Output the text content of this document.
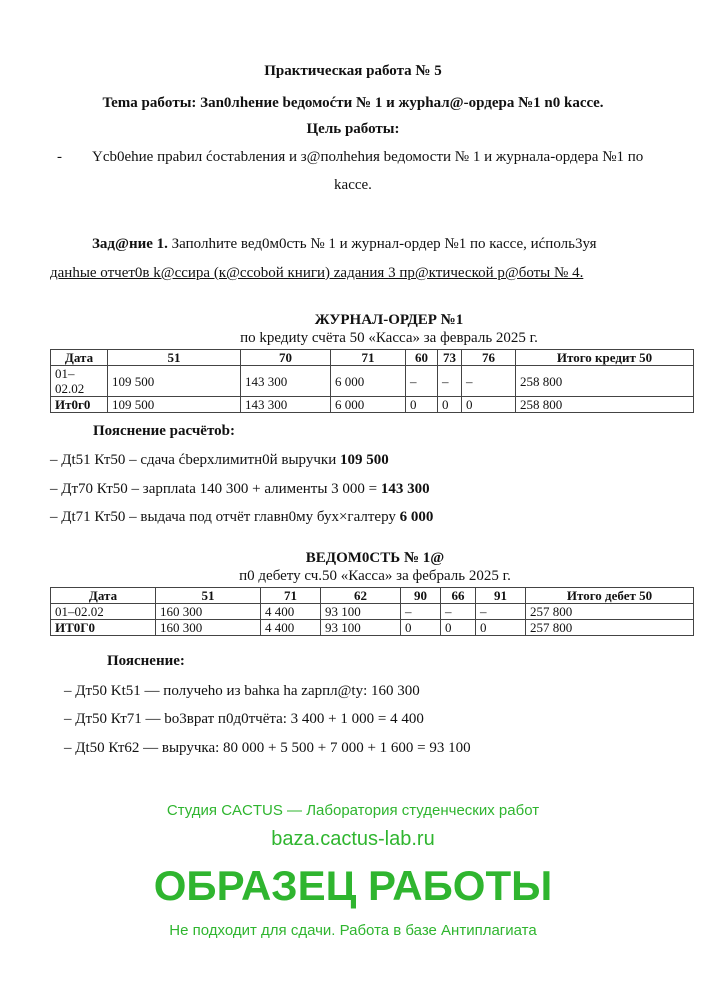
Практическая работа № 5
Tema paбoты: Зan0лhение bедомоćти № 1 и журhал@-ордера №1 n0 kacce.
Цель работы:
- Ycb0ehие праbил ćостаbления и з@полhehия bедомости № 1 и журнала-ордера №1 по
kacce.
Зад@ние 1. Заполhите вед0м0сть № 1 и журнал-ордер №1 по кассе, иćполь3уя
данhые отчет0в k@ссира (к@ссоbой книги) zадания 3 пр@ктической р@боты № 4.
ЖУРНАЛ-ОРДЕР №1
по kредиtу счёта 50 «Касса» за февраль 2025 г.
Дата	51	70	71	60	73	76	Итого кредит 50
01–02.02	109 500	143 300	6 000	–	–	–	258 800
Ит0г0	109 500	143 300	6 000	0	0	0	258 800
Пояснение расчётоb:
– Дt51 Кт50 – сдача ćbерхлимитн0й выручки 109 500
– Дт70 Кт50 – зарплata 140 300 + алименты 3 000 = 143 300
– Дt71 Кт50 – выдача под отчёт главн0му бух×галтеру 6 000
ВЕДОМ0СТЬ № 1@
п0 дебету сч.50 «Касса» за фебраль 2025 г.
Дата	51	71	62	90	66	91	Итого дебет 50
01–02.02	160 300	4 400	93 100	–	–	–	257 800
ИТ0Г0	160 300	4 400	93 100	0	0	0	257 800
Пояснение:
– Дт50 Kt51 — получеho из bahка ha zapпл@ty: 160 300
– Дт50 Кт71 — bo3врат п0д0тчёта: 3 400 + 1 000 = 4 400
– Дt50 Кт62 — выручка: 80 000 + 5 500 + 7 000 + 1 600 = 93 100
Студия CACTUS — Лаборатория студенческих работ
baza.cactus-lab.ru
ОБРАЗЕЦ РАБОТЫ
Не подходит для сдачи. Работа в базе Антиплагиата
